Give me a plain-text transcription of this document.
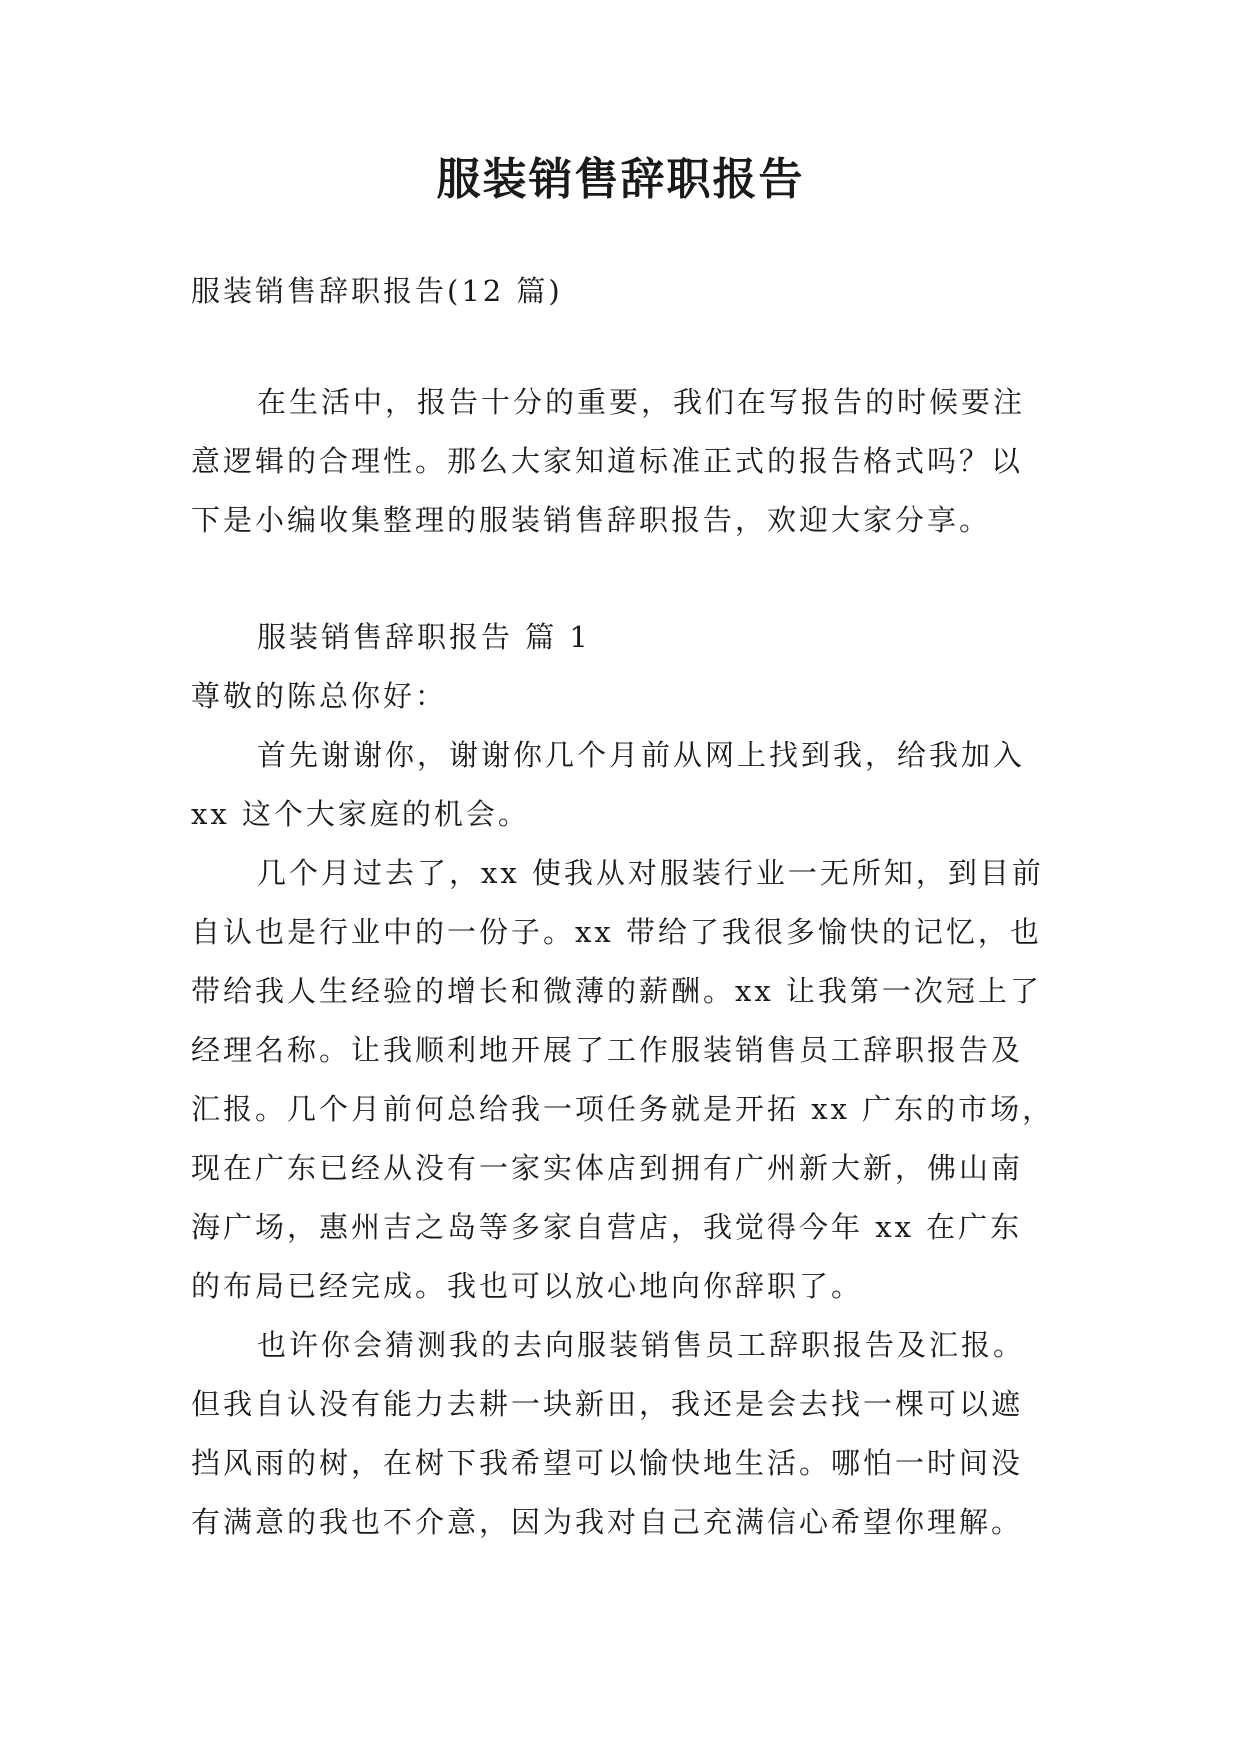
服装销售辞职报告
服装销售辞职报告(12 篇)
在生活中，报告十分的重要，我们在写报告的时候要注
意逻辑的合理性。那么大家知道标准正式的报告格式吗？以
下是小编收集整理的服装销售辞职报告，欢迎大家分享。
服装销售辞职报告 篇 1
尊敬的陈总你好：
首先谢谢你，谢谢你几个月前从网上找到我，给我加入
xx 这个大家庭的机会。
几个月过去了，xx 使我从对服装行业一无所知，到目前
自认也是行业中的一份子。xx 带给了我很多愉快的记忆，也
带给我人生经验的增长和微薄的薪酬。xx 让我第一次冠上了
经理名称。让我顺利地开展了工作服装销售员工辞职报告及
汇报。几个月前何总给我一项任务就是开拓 xx 广东的市场，
现在广东已经从没有一家实体店到拥有广州新大新，佛山南
海广场，惠州吉之岛等多家自营店，我觉得今年 xx 在广东
的布局已经完成。我也可以放心地向你辞职了。
也许你会猜测我的去向服装销售员工辞职报告及汇报。
但我自认没有能力去耕一块新田，我还是会去找一棵可以遮
挡风雨的树，在树下我希望可以愉快地生活。哪怕一时间没
有满意的我也不介意，因为我对自己充满信心希望你理解。
